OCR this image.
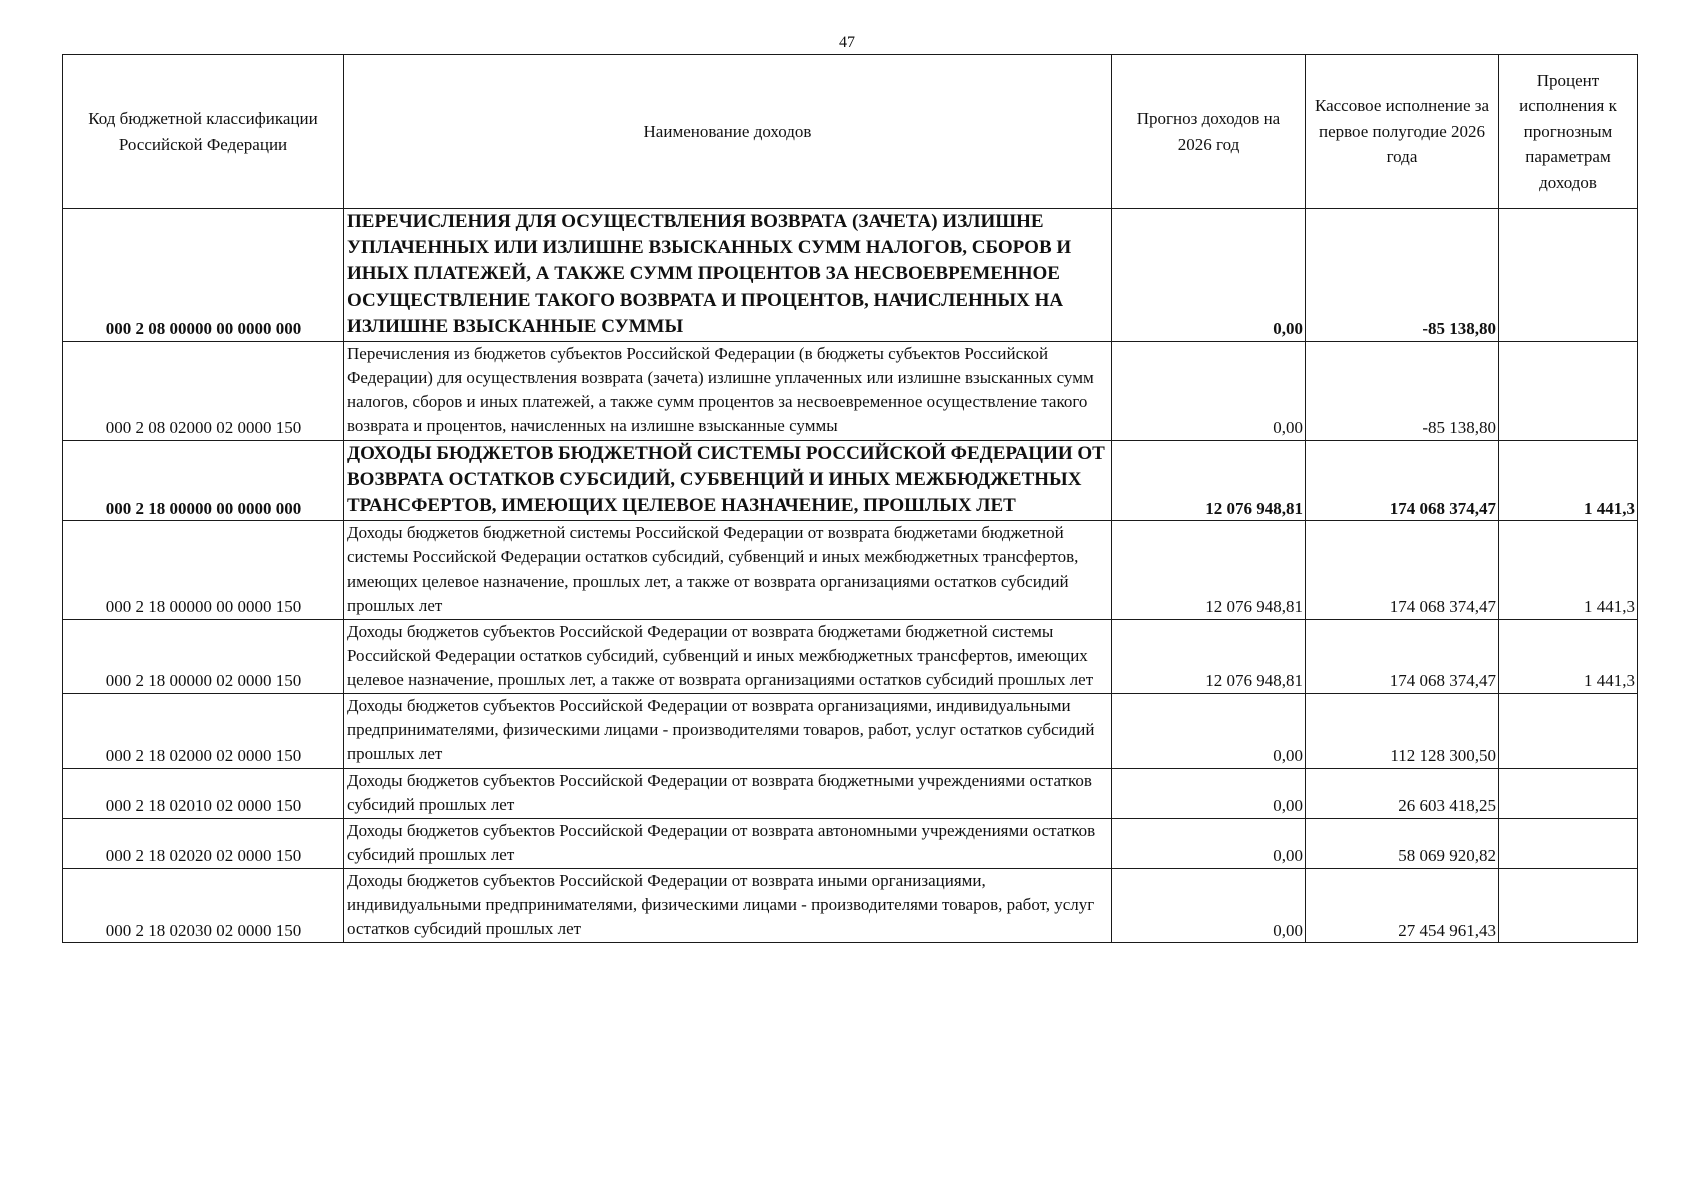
47
Код бюджетной классификации Российской Федерации	Наименование доходов	Прогноз доходов на 2026 год	Кассовое исполнение за первое полугодие 2026 года	Процент исполнения к прогнозным параметрам доходов
000 2 08 00000 00 0000 000	ПЕРЕЧИСЛЕНИЯ ДЛЯ ОСУЩЕСТВЛЕНИЯ ВОЗВРАТА (ЗАЧЕТА) ИЗЛИШНЕ УПЛАЧЕННЫХ ИЛИ ИЗЛИШНЕ ВЗЫСКАННЫХ СУММ НАЛОГОВ, СБОРОВ И ИНЫХ ПЛАТЕЖЕЙ, А ТАКЖЕ СУММ ПРОЦЕНТОВ ЗА НЕСВОЕВРЕМЕННОЕ ОСУЩЕСТВЛЕНИЕ ТАКОГО ВОЗВРАТА И ПРОЦЕНТОВ, НАЧИСЛЕННЫХ НА ИЗЛИШНЕ ВЗЫСКАННЫЕ СУММЫ	0,00	-85 138,80	
000 2 08 02000 02 0000 150	Перечисления из бюджетов субъектов Российской Федерации (в бюджеты субъектов Российской Федерации) для осуществления возврата (зачета) излишне уплаченных или излишне взысканных сумм налогов, сборов и иных платежей, а также сумм процентов за несвоевременное осуществление такого возврата и процентов, начисленных на излишне взысканные суммы	0,00	-85 138,80	
000 2 18 00000 00 0000 000	ДОХОДЫ БЮДЖЕТОВ БЮДЖЕТНОЙ СИСТЕМЫ РОССИЙСКОЙ ФЕДЕРАЦИИ ОТ ВОЗВРАТА ОСТАТКОВ СУБСИДИЙ, СУБВЕНЦИЙ И ИНЫХ МЕЖБЮДЖЕТНЫХ ТРАНСФЕРТОВ, ИМЕЮЩИХ ЦЕЛЕВОЕ НАЗНАЧЕНИЕ, ПРОШЛЫХ ЛЕТ	12 076 948,81	174 068 374,47	1 441,3
000 2 18 00000 00 0000 150	Доходы бюджетов бюджетной системы Российской Федерации от возврата бюджетами бюджетной системы Российской Федерации остатков субсидий, субвенций и иных межбюджетных трансфертов, имеющих целевое назначение, прошлых лет, а также от возврата организациями остатков субсидий прошлых лет	12 076 948,81	174 068 374,47	1 441,3
000 2 18 00000 02 0000 150	Доходы бюджетов субъектов Российской Федерации от возврата бюджетами бюджетной системы Российской Федерации остатков субсидий, субвенций и иных межбюджетных трансфертов, имеющих целевое назначение, прошлых лет, а также от возврата организациями остатков субсидий прошлых лет	12 076 948,81	174 068 374,47	1 441,3
000 2 18 02000 02 0000 150	Доходы бюджетов субъектов Российской Федерации от возврата организациями, индивидуальными предпринимателями, физическими лицами - производителями товаров, работ, услуг остатков субсидий прошлых лет	0,00	112 128 300,50	
000 2 18 02010 02 0000 150	Доходы бюджетов субъектов Российской Федерации от возврата бюджетными учреждениями остатков субсидий прошлых лет	0,00	26 603 418,25	
000 2 18 02020 02 0000 150	Доходы бюджетов субъектов Российской Федерации от возврата автономными учреждениями остатков субсидий прошлых лет	0,00	58 069 920,82	
000 2 18 02030 02 0000 150	Доходы бюджетов субъектов Российской Федерации от возврата иными организациями, индивидуальными предпринимателями, физическими лицами - производителями товаров, работ, услуг остатков субсидий прошлых лет	0,00	27 454 961,43	
